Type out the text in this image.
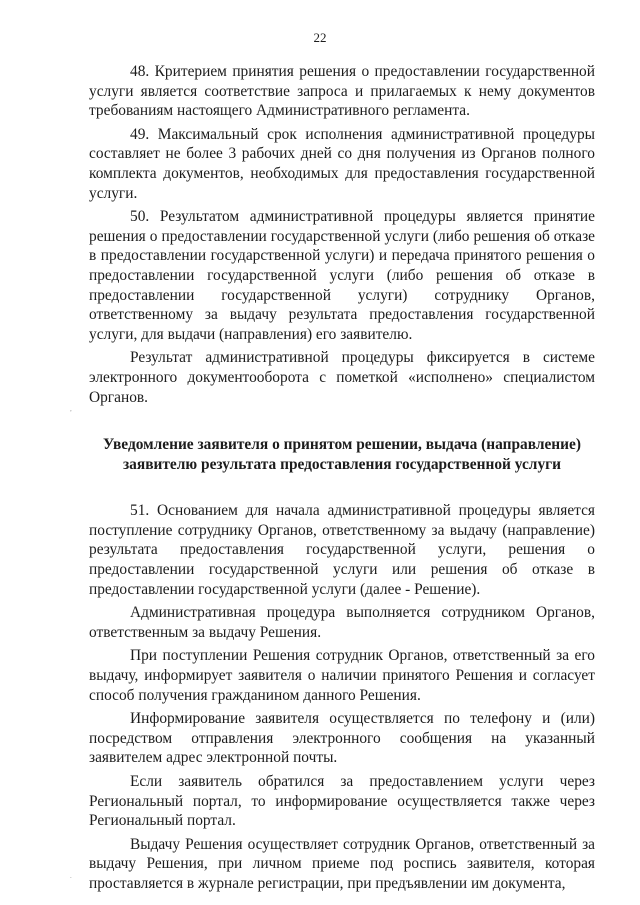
22
,
.

48. Критерием принятия решения о предоставлении государственной услуги является соответствие запроса и прилагаемых к нему документов требованиям настоящего Административного регламента.

49. Максимальный срок исполнения административной процедуры составляет не более 3 рабочих дней со дня получения из Органов полного комплекта документов, необходимых для предоставления государственной услуги.

50. Результатом административной процедуры является принятие решения о предоставлении государственной услуги (либо решения об отказе в предоставлении государственной услуги) и передача принятого решения о предоставлении государственной услуги (либо решения об отказе в предоставлении государственной услуги) сотруднику Органов, ответственному за выдачу результата предоставления государственной услуги, для выдачи (направления) его заявителю.

Результат административной процедуры фиксируется в системе электронного документооборота с пометкой «исполнено» специалистом Органов.

Уведомление заявителя о принятом решении, выдача (направление) заявителю результата предоставления государственной услуги

51. Основанием для начала административной процедуры является поступление сотруднику Органов, ответственному за выдачу (направление) результата предоставления государственной услуги, решения о предоставлении государственной услуги или решения об отказе в предоставлении государственной услуги (далее - Решение).

Административная процедура выполняется сотрудником Органов, ответственным за выдачу Решения.

При поступлении Решения сотрудник Органов, ответственный за его выдачу, информирует заявителя о наличии принятого Решения и согласует способ получения гражданином данного Решения.

Информирование заявителя осуществляется по телефону и (или) посредством отправления электронного сообщения на указанный заявителем адрес электронной почты.

Если заявитель обратился за предоставлением услуги через Региональный портал, то информирование осуществляется также через Региональный портал.

Выдачу Решения осуществляет сотрудник Органов, ответственный за выдачу Решения, при личном приеме под роспись заявителя, которая проставляется в журнале регистрации, при предъявлении им документа,
